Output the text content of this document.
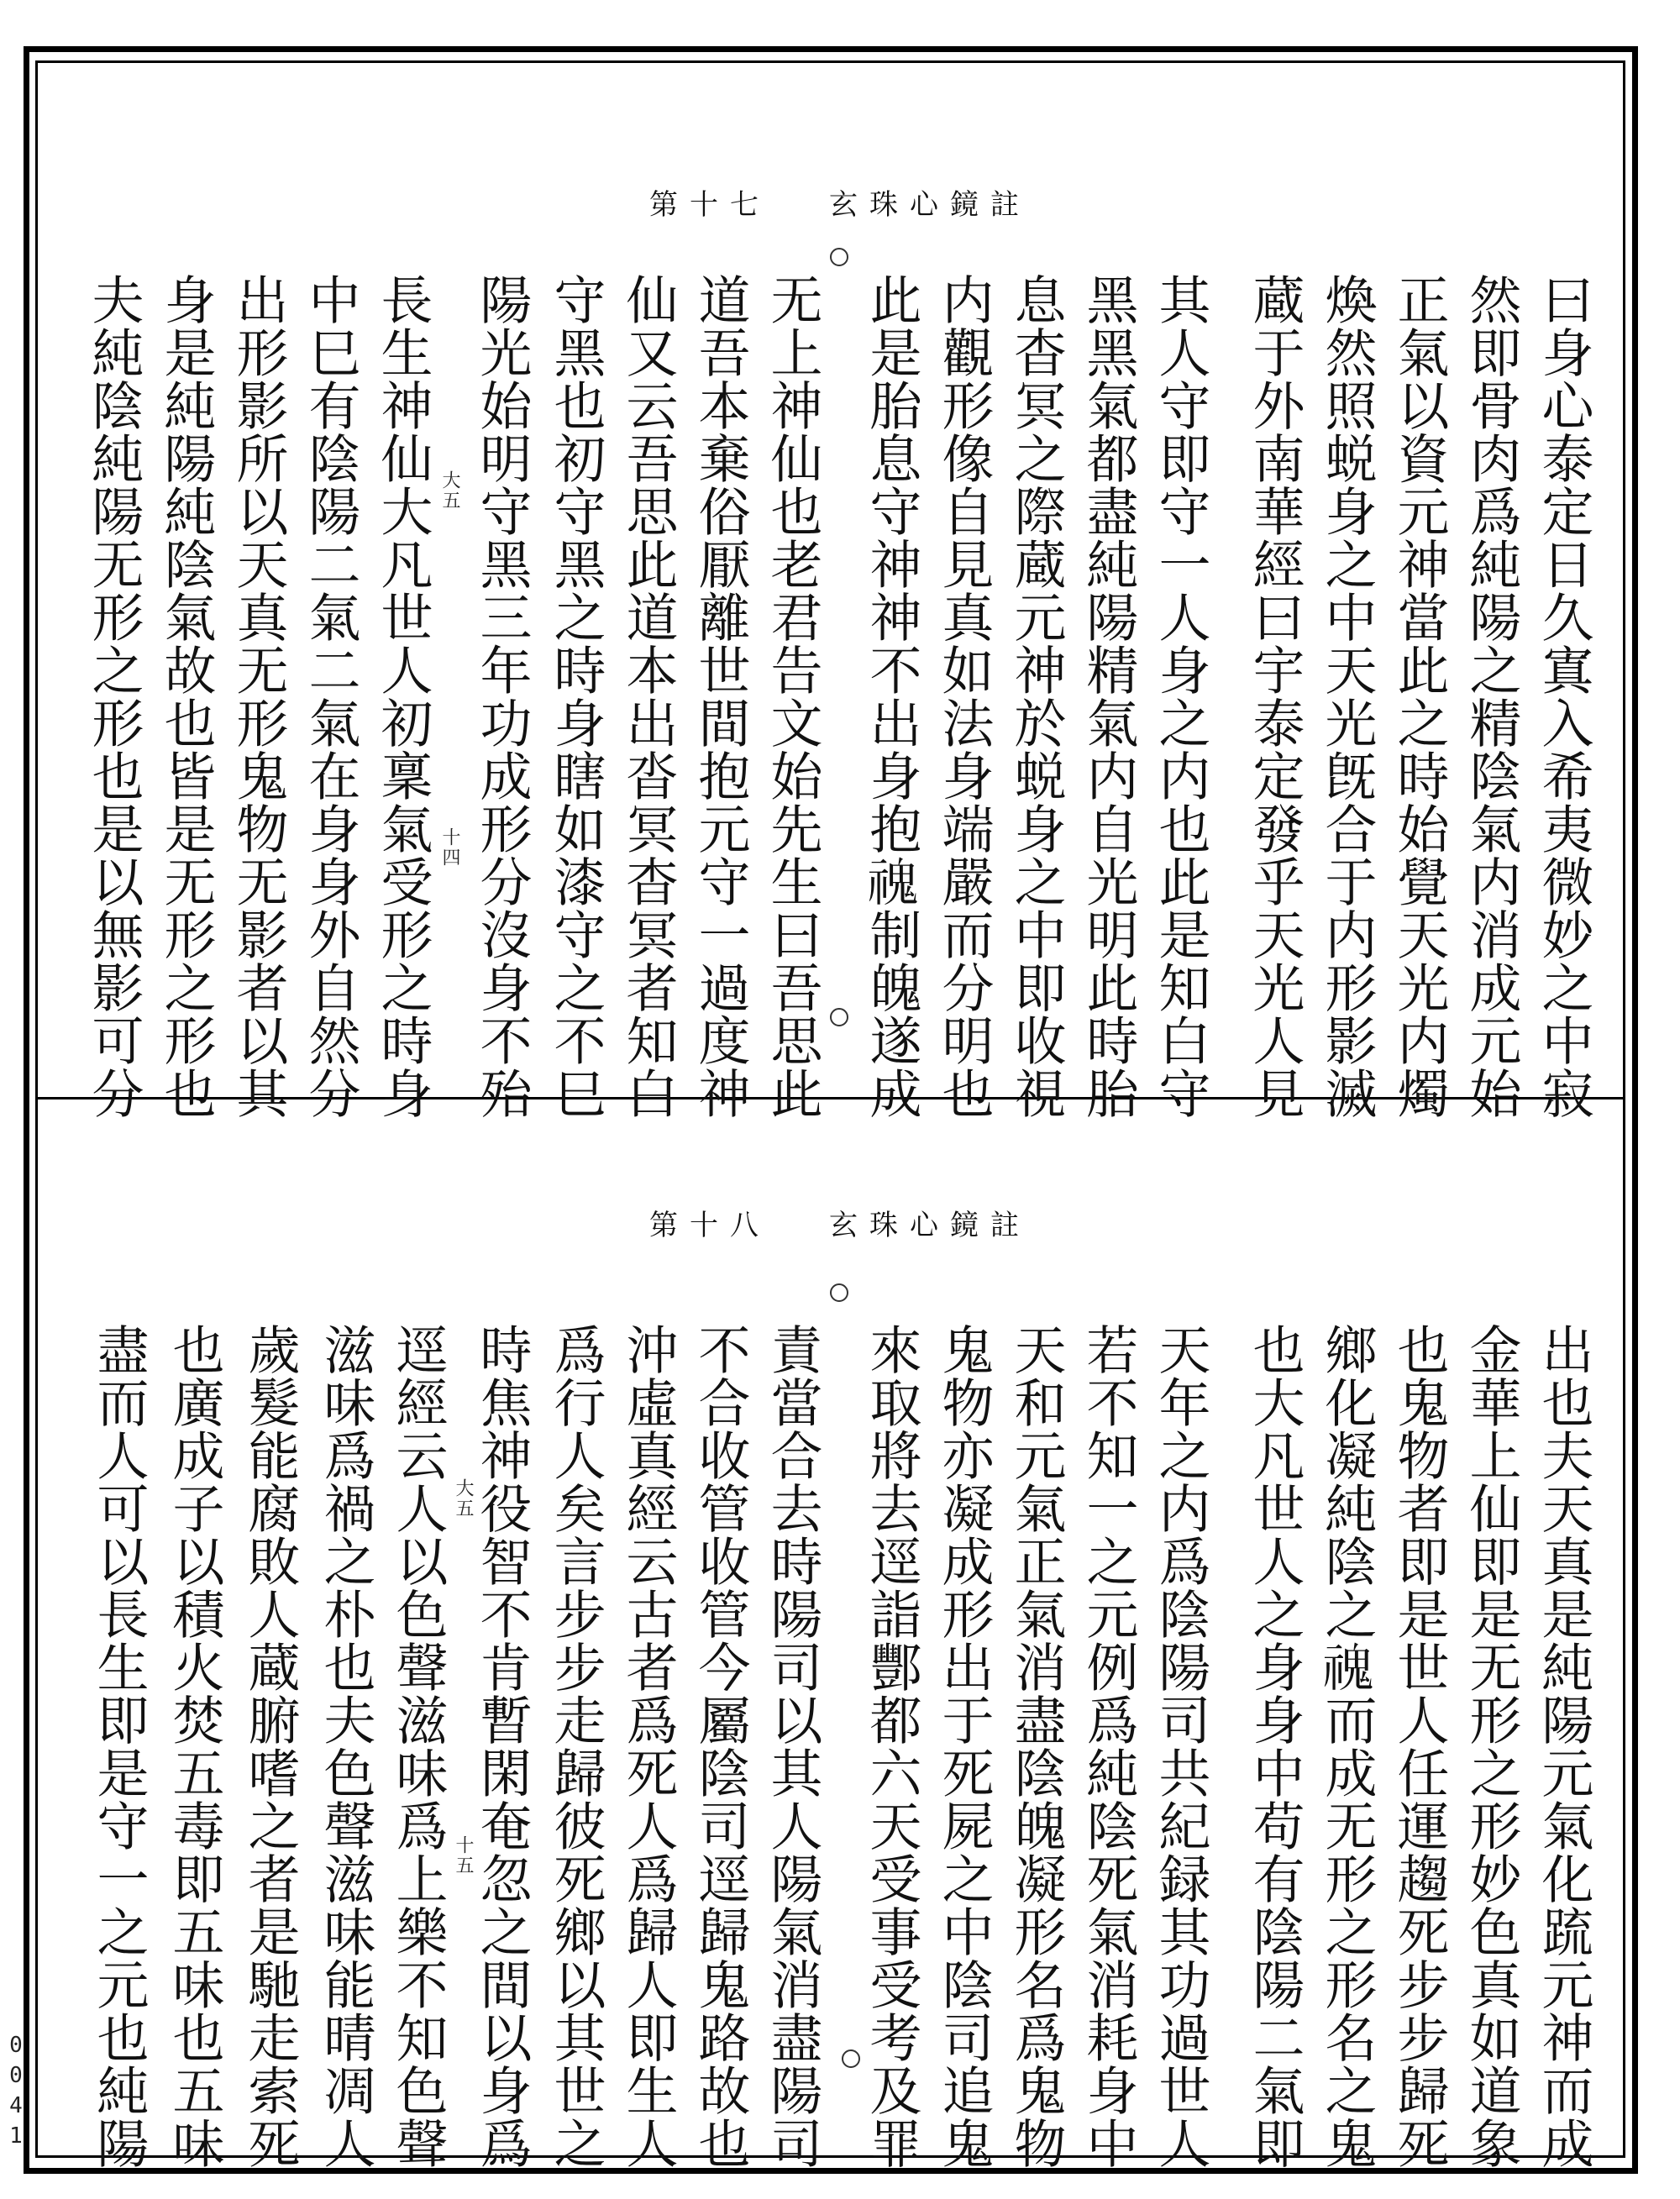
第十七 玄珠心鏡註
曰身心泰定日久寘入希夷微妙之中寂
然即骨肉爲純陽之精陰氣内消成元始
正氣以資元神當此之時始覺天光内燭
煥然照蜕身之中天光旣合于内形影滅
蔵于外南華經曰宇泰定發乎天光人見
其人守即守一人身之内也此是知白守
黑黑氣都盡純陽精氣内自光明此時胎
息杳冥之際蔵元神於蜕身之中即收視
内觀形像自見真如法身端嚴而分明也
此是胎息守神神不出身抱𩲡制魄遂成
无上神仙也老君告文始先生曰吾思此
道吾本棄俗厭離世間抱元守一過度神
仙又云吾思此道本出沓冥杳冥者知白
守黑也初守黑之時身瞎如漆守之不巳
陽光始明守黑三年功成形分沒身不殆
長生神仙大凡世人初稟氣受形之時身
中巳有陰陽二氣二氣在身身外自然分
出形影所以天真无形鬼物无影者以其
身是純陽純陰氣故也皆是无形之形也
夫純陰純陽无形之形也是以無影可分	十四
大五
第十八 玄珠心鏡註
出也夫天真是純陽元氣化䟽元神而成
金華上仙即是无形之形妙色真如道象
也鬼物者即是世人任運趨死步步歸死
鄉化凝純陰之𩲡而成无形之形名之鬼
也大凡世人之身身中苟有陰陽二氣即
天年之内爲陰陽司共紀録其功過世人
若不知一之元例爲純陰死氣消耗身中
天和元氣正氣消盡陰魄凝形名爲鬼物
鬼物亦凝成形出于死屍之中陰司追鬼
來取將去逕詣酆都六天受事受考及罪
責當合去時陽司以其人陽氣消盡陽司
不合收管收管今屬陰司逕歸鬼路故也
沖虛真經云古者爲死人爲歸人即生人
爲行人矣言步步走歸彼死鄉以其世之
時焦神役智不肯暫閑奄忽之間以身爲
逕經云人以色聲滋味爲上樂不知色聲
滋味爲禍之朴也夫色聲滋味能晴凋人
歲髮能腐敗人蔵腑嗜之者是馳走索死
也廣成子以積火焚五毒即五味也五味
盡而人可以長生即是守一之元也純陽	十五
大五
0041
